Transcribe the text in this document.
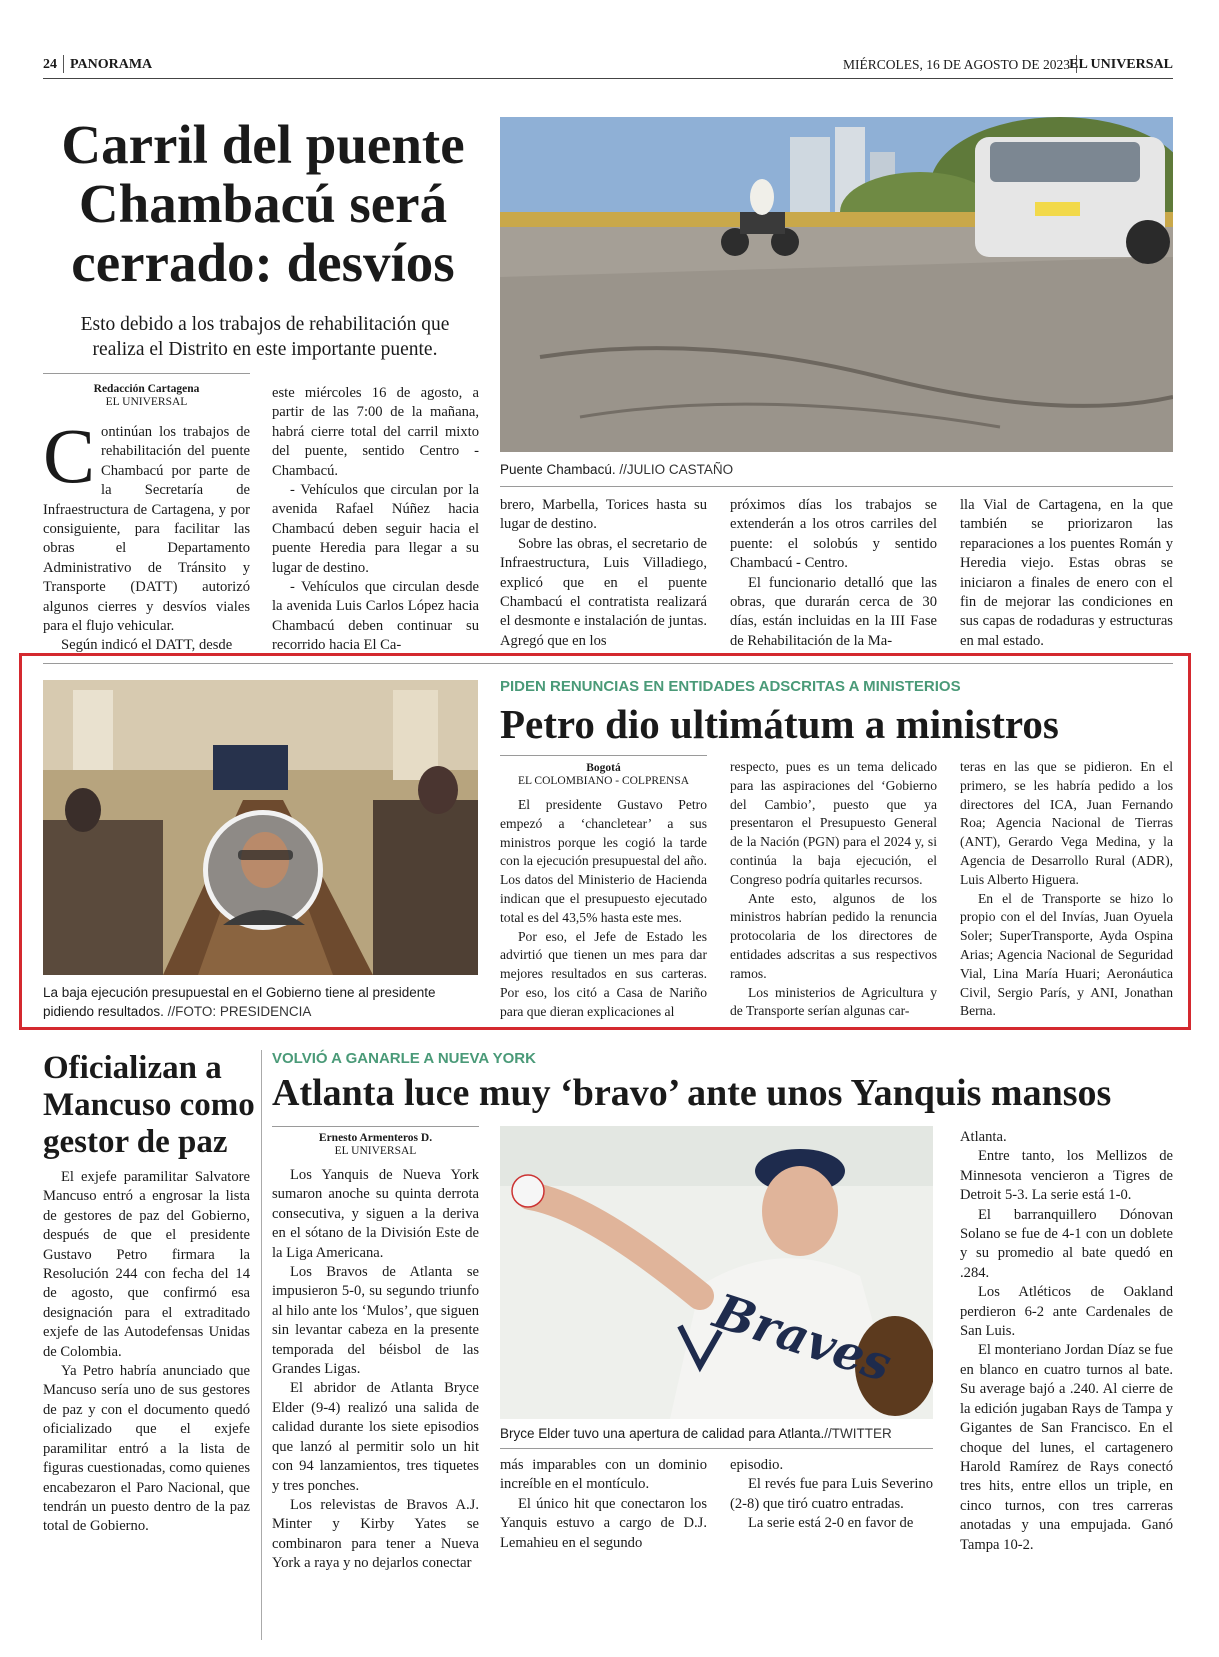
24 PANORAMA	MIÉRCOLES, 16 DE AGOSTO DE 2023 EL UNIVERSAL
Carril del puente
Chambacú será
cerrado: desvíos
Esto debido a los trabajos de rehabilitación que realiza el Distrito en este importante puente.
Puente Chambacú. //JULIO CASTAÑO
Redacción Cartagena
EL UNIVERSAL
C ontinúan los trabajos de rehabilitación del puente Chambacú por parte de la Secretaría de Infraestructura de Cartagena, y por consiguiente, para facilitar las obras el Departamento Administrativo de Tránsito y Transporte (DATT) autorizó algunos cierres y desvíos viales para el flujo vehicular.

Según indicó el DATT, desde

este miércoles 16 de agosto, a partir de las 7:00 de la mañana, habrá cierre total del carril mixto del puente, sentido Centro - Chambacú.

- Vehículos que circulan por la avenida Rafael Núñez hacia Chambacú deben seguir hacia el puente Heredia para llegar a su lugar de destino.

- Vehículos que circulan desde la avenida Luis Carlos López hacia Chambacú deben continuar su recorrido hacia El Ca-

brero, Marbella, Torices hasta su lugar de destino.

Sobre las obras, el secretario de Infraestructura, Luis Villadiego, explicó que en el puente Chambacú el contratista realizará el desmonte e instalación de juntas. Agregó que en los

próximos días los trabajos se extenderán a los otros carriles del puente: el solobús y sentido Chambacú - Centro.

El funcionario detalló que las obras, que durarán cerca de 30 días, están incluidas en la III Fase de Rehabilitación de la Ma-

lla Vial de Cartagena, en la que también se priorizaron las reparaciones a los puentes Román y Heredia viejo. Estas obras se iniciaron a finales de enero con el fin de mejorar las condiciones en sus capas de rodaduras y estructuras en mal estado.

La baja ejecución presupuestal en el Gobierno tiene al presidente pidiendo resultados. //FOTO: PRESIDENCIA
PIDEN RENUNCIAS EN ENTIDADES ADSCRITAS A MINISTERIOS
Petro dio ultimátum a ministros
Bogotá
EL COLOMBIANO - COLPRENSA

El presidente Gustavo Petro empezó a ‘chancletear’ a sus ministros porque les cogió la tarde con la ejecución presupuestal del año. Los datos del Ministerio de Hacienda indican que el presupuesto ejecutado total es del 43,5% hasta este mes.

Por eso, el Jefe de Estado les advirtió que tienen un mes para dar mejores resultados en sus carteras. Por eso, los citó a Casa de Nariño para que dieran explicaciones al

respecto, pues es un tema delicado para las aspiraciones del ‘Gobierno del Cambio’, puesto que ya presentaron el Presupuesto General de la Nación (PGN) para el 2024 y, si continúa la baja ejecución, el Congreso podría quitarles recursos.

Ante esto, algunos de los ministros habrían pedido la renuncia protocolaria de los directores de entidades adscritas a sus respectivos ramos.

Los ministerios de Agricultura y de Transporte serían algunas car-

teras en las que se pidieron. En el primero, se les habría pedido a los directores del ICA, Juan Fernando Roa; Agencia Nacional de Tierras (ANT), Gerardo Vega Medina, y la Agencia de Desarrollo Rural (ADR), Luis Alberto Higuera.

En el de Transporte se hizo lo propio con el del Invías, Juan Oyuela Soler; SuperTransporte, Ayda Ospina Arias; Agencia Nacional de Seguridad Vial, Lina María Huari; Aeronáutica Civil, Sergio París, y ANI, Jonathan Berna.

Oficializan a
Mancuso como
gestor de paz

El exjefe paramilitar Salvatore Mancuso entró a engrosar la lista de gestores de paz del Gobierno, después de que el presidente Gustavo Petro firmara la Resolución 244 con fecha del 14 de agosto, que confirmó esa designación para el extraditado exjefe de las Autodefensas Unidas de Colombia.

Ya Petro habría anunciado que Mancuso sería uno de sus gestores de paz y con el documento quedó oficializado que el exjefe paramilitar entró a la lista de figuras cuestionadas, como quienes encabezaron el Paro Nacional, que tendrán un puesto dentro de la paz total de Gobierno.

VOLVIÓ A GANARLE A NUEVA YORK
Atlanta luce muy ‘bravo’ ante unos Yanquis mansos
Ernesto Armenteros D.
EL UNIVERSAL

Los Yanquis de Nueva York sumaron anoche su quinta derrota consecutiva, y siguen a la deriva en el sótano de la División Este de la Liga Americana.

Los Bravos de Atlanta se impusieron 5-0, su segundo triunfo al hilo ante los ‘Mulos’, que siguen sin levantar cabeza en la presente temporada del béisbol de las Grandes Ligas.

El abridor de Atlanta Bryce Elder (9-4) realizó una salida de calidad durante los siete episodios que lanzó al permitir solo un hit con 94 lanzamientos, tres tiquetes y tres ponches.

Los relevistas de Bravos A.J. Minter y Kirby Yates se combinaron para tener a Nueva York a raya y no dejarlos conectar

Braves
Bryce Elder tuvo una apertura de calidad para Atlanta.//TWITTER

más imparables con un dominio increíble en el montículo.

El único hit que conectaron los Yanquis estuvo a cargo de D.J. Lemahieu en el segundo

episodio.

El revés fue para Luis Severino (2-8) que tiró cuatro entradas.

La serie está 2-0 en favor de

Atlanta.

Entre tanto, los Mellizos de Minnesota vencieron a Tigres de Detroit 5-3. La serie está 1-0.

El barranquillero Dónovan Solano se fue de 4-1 con un doblete y su promedio al bate quedó en .284.

Los Atléticos de Oakland perdieron 6-2 ante Cardenales de San Luis.

El monteriano Jordan Díaz se fue en blanco en cuatro turnos al bate. Su average bajó a .240. Al cierre de la edición jugaban Rays de Tampa y Gigantes de San Francisco. En el choque del lunes, el cartagenero Harold Ramírez de Rays conectó tres hits, entre ellos un triple, en cinco turnos, con tres carreras anotadas y una empujada. Ganó Tampa 10-2.
